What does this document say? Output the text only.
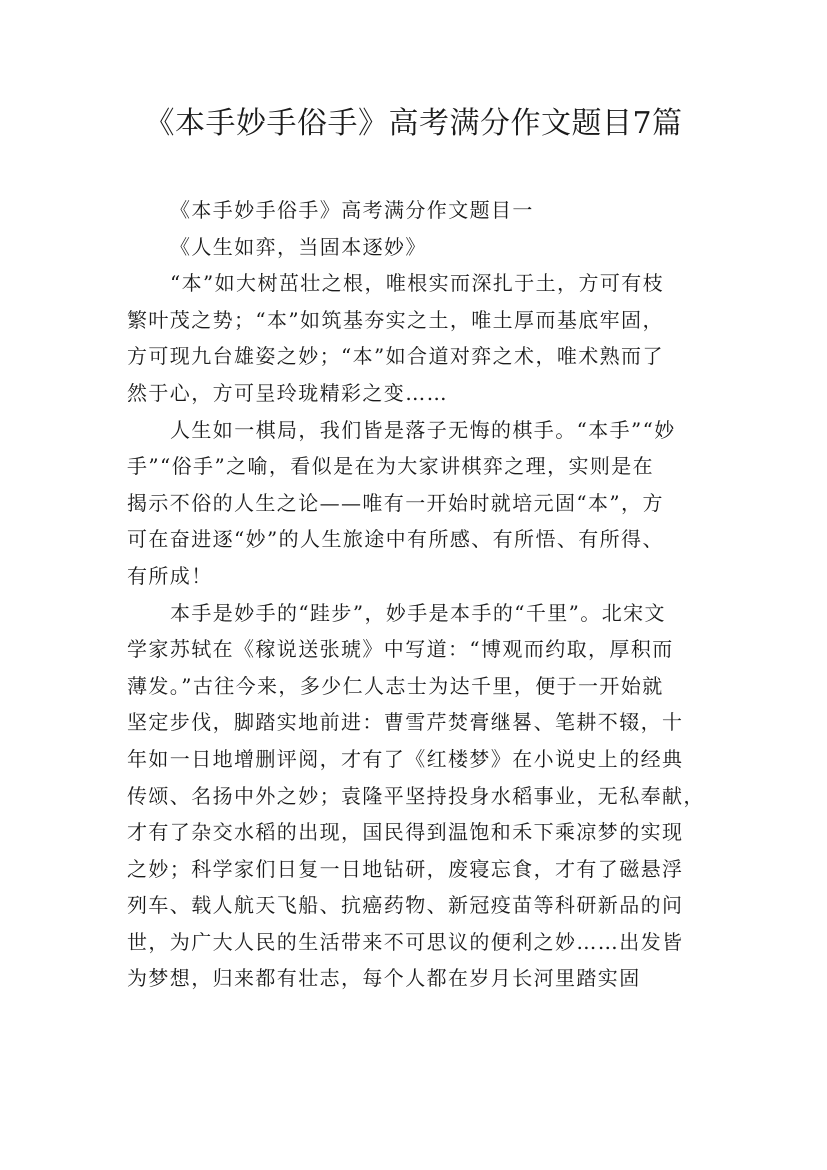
《本手妙手俗手》高考满分作文题目7篇
《本手妙手俗手》高考满分作文题目一
《人生如弈，当固本逐妙》
“本”如大树茁壮之根，唯根实而深扎于土，方可有枝
繁叶茂之势；“本”如筑基夯实之土，唯土厚而基底牢固，
方可现九台雄姿之妙；“本”如合道对弈之术，唯术熟而了
然于心，方可呈玲珑精彩之变……
人生如一棋局，我们皆是落子无悔的棋手。“本手”“妙
手”“俗手”之喻，看似是在为大家讲棋弈之理，实则是在
揭示不俗的人生之论——唯有一开始时就培元固“本”，方
可在奋进逐“妙”的人生旅途中有所感、有所悟、有所得、
有所成！
本手是妙手的“跬步”，妙手是本手的“千里”。北宋文
学家苏轼在《稼说送张琥》中写道：“博观而约取，厚积而
薄发。”古往今来，多少仁人志士为达千里，便于一开始就
坚定步伐，脚踏实地前进：曹雪芹焚膏继晷、笔耕不辍，十
年如一日地增删评阅，才有了《红楼梦》在小说史上的经典
传颂、名扬中外之妙；袁隆平坚持投身水稻事业，无私奉献，
才有了杂交水稻的出现，国民得到温饱和禾下乘凉梦的实现
之妙；科学家们日复一日地钻研，废寝忘食，才有了磁悬浮
列车、载人航天飞船、抗癌药物、新冠疫苗等科研新品的问
世，为广大人民的生活带来不可思议的便利之妙……出发皆
为梦想，归来都有壮志，每个人都在岁月长河里踏实固
